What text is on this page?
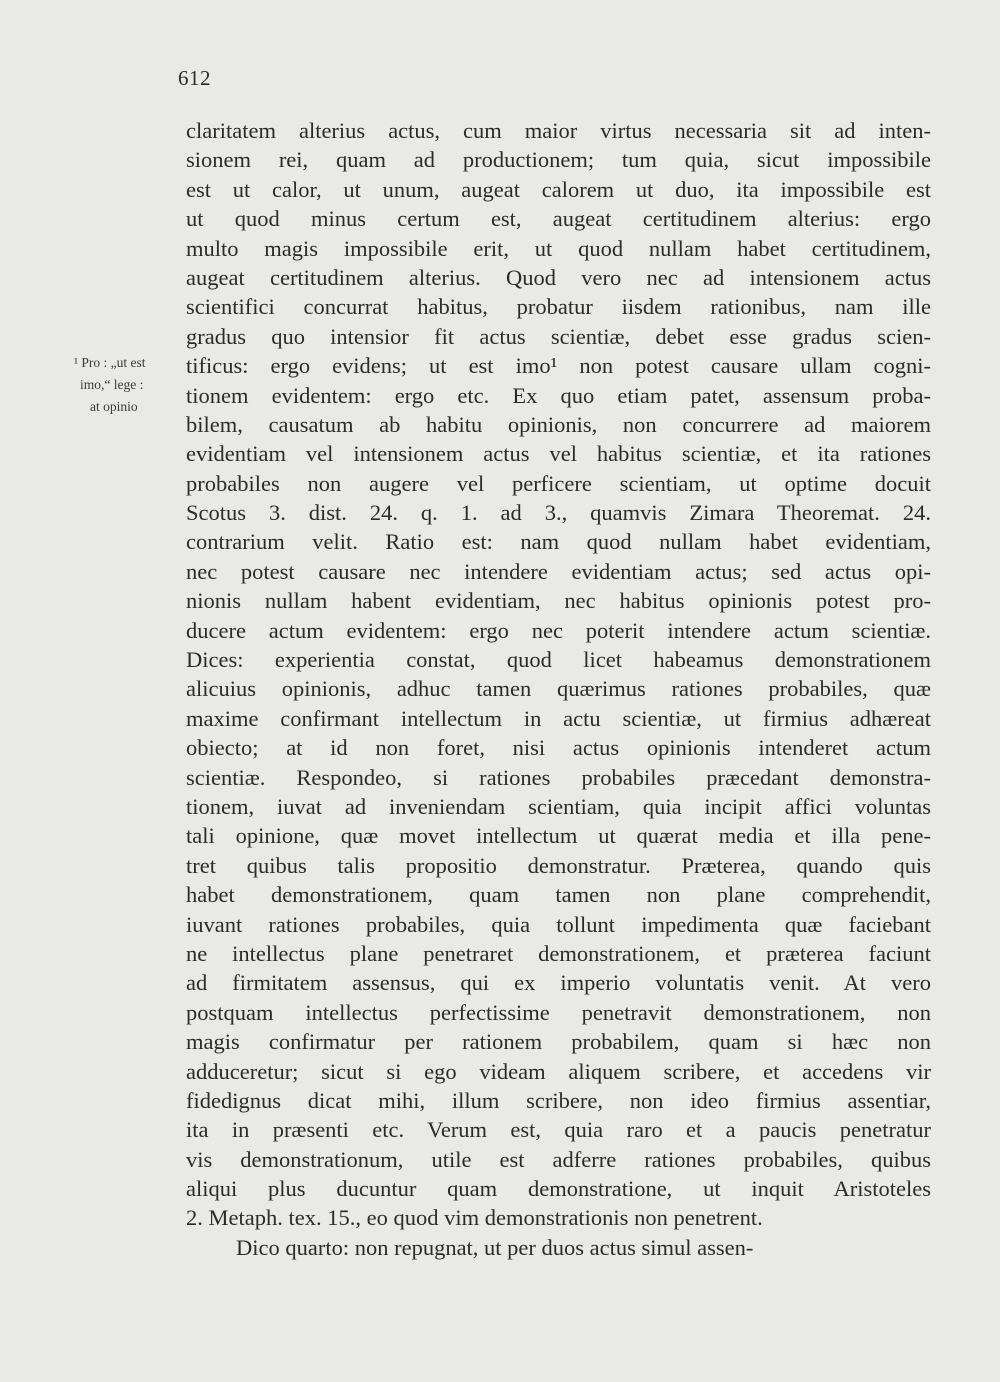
612
¹ Pro : „ut est
imo,“ lege :
at opinio
claritatem alterius actus, cum maior virtus necessaria sit ad inten-
sionem rei, quam ad productionem; tum quia, sicut impossibile
est ut calor, ut unum, augeat calorem ut duo, ita impossibile est
ut quod minus certum est, augeat certitudinem alterius: ergo
multo magis impossibile erit, ut quod nullam habet certitudinem,
augeat certitudinem alterius. Quod vero nec ad intensionem actus
scientifici concurrat habitus, probatur iisdem rationibus, nam ille
gradus quo intensior fit actus scientiæ, debet esse gradus scien-
tificus: ergo evidens; ut est imo¹ non potest causare ullam cogni-
tionem evidentem: ergo etc. Ex quo etiam patet, assensum proba-
bilem, causatum ab habitu opinionis, non concurrere ad maiorem
evidentiam vel intensionem actus vel habitus scientiæ, et ita rationes
probabiles non augere vel perficere scientiam, ut optime docuit
Scotus 3. dist. 24. q. 1. ad 3., quamvis Zimara Theoremat. 24.
contrarium velit. Ratio est: nam quod nullam habet evidentiam,
nec potest causare nec intendere evidentiam actus; sed actus opi-
nionis nullam habent evidentiam, nec habitus opinionis potest pro-
ducere actum evidentem: ergo nec poterit intendere actum scientiæ.
Dices: experientia constat, quod licet habeamus demonstrationem
alicuius opinionis, adhuc tamen quærimus rationes probabiles, quæ
maxime confirmant intellectum in actu scientiæ, ut firmius adhæreat
obiecto; at id non foret, nisi actus opinionis intenderet actum
scientiæ. Respondeo, si rationes probabiles præcedant demonstra-
tionem, iuvat ad inveniendam scientiam, quia incipit affici voluntas
tali opinione, quæ movet intellectum ut quærat media et illa pene-
tret quibus talis propositio demonstratur. Præterea, quando quis
habet demonstrationem, quam tamen non plane comprehendit,
iuvant rationes probabiles, quia tollunt impedimenta quæ faciebant
ne intellectus plane penetraret demonstrationem, et præterea faciunt
ad firmitatem assensus, qui ex imperio voluntatis venit. At vero
postquam intellectus perfectissime penetravit demonstrationem, non
magis confirmatur per rationem probabilem, quam si hæc non
adduceretur; sicut si ego videam aliquem scribere, et accedens vir
fidedignus dicat mihi, illum scribere, non ideo firmius assentiar,
ita in præsenti etc. Verum est, quia raro et a paucis penetratur
vis demonstrationum, utile est adferre rationes probabiles, quibus
aliqui plus ducuntur quam demonstratione, ut inquit Aristoteles
2. Metaph. tex. 15., eo quod vim demonstrationis non penetrent.
Dico quarto: non repugnat, ut per duos actus simul assen-
